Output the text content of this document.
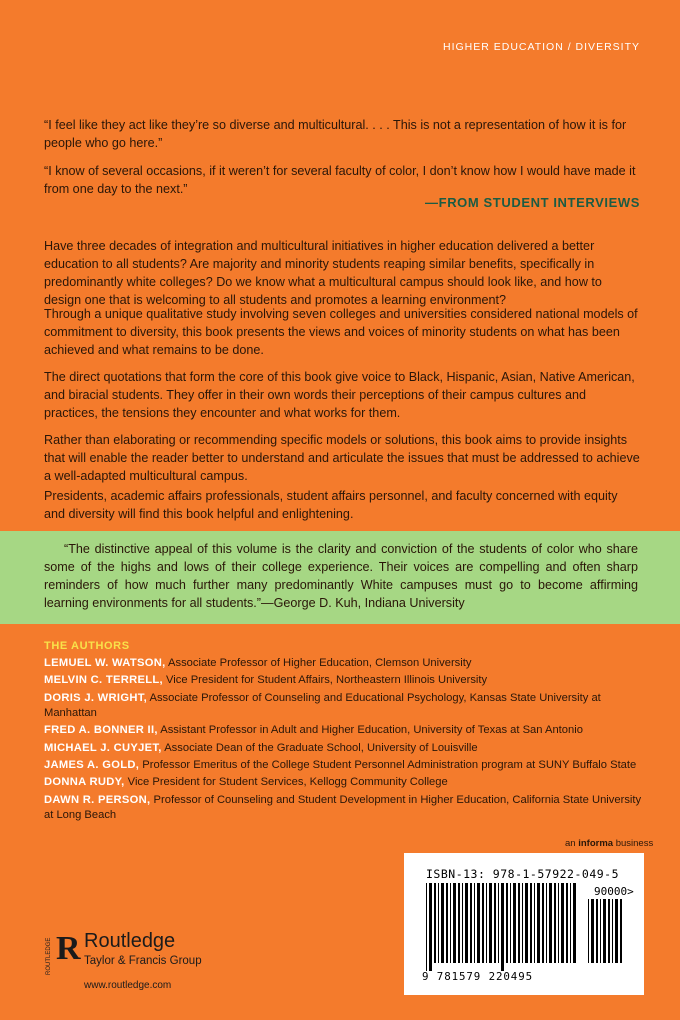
HIGHER EDUCATION / DIVERSITY
“I feel like they act like they’re so diverse and multicultural. . . . This is not a representation of how it is for people who go here.”
“I know of several occasions, if it weren’t for several faculty of color, I don’t know how I would have made it from one day to the next.”
—FROM STUDENT INTERVIEWS
Have three decades of integration and multicultural initiatives in higher education delivered a better education to all students? Are majority and minority students reaping similar benefits, specifically in predominantly white colleges? Do we know what a multicultural campus should look like, and how to design one that is welcoming to all students and promotes a learning environment?
Through a unique qualitative study involving seven colleges and universities considered national models of commitment to diversity, this book presents the views and voices of minority students on what has been achieved and what remains to be done.
The direct quotations that form the core of this book give voice to Black, Hispanic, Asian, Native American, and biracial students. They offer in their own words their perceptions of their campus cultures and practices, the tensions they encounter and what works for them.
Rather than elaborating or recommending specific models or solutions, this book aims to provide insights that will enable the reader better to understand and articulate the issues that must be addressed to achieve a well-adapted multicultural campus.
Presidents, academic affairs professionals, student affairs personnel, and faculty concerned with equity and diversity will find this book helpful and enlightening.
“The distinctive appeal of this volume is the clarity and conviction of the students of color who share some of the highs and lows of their college experience. Their voices are compelling and often sharp reminders of how much further many predominantly White campuses must go to become affirming learning environments for all students.”—George D. Kuh, Indiana University
THE AUTHORS

LEMUEL W. WATSON, Associate Professor of Higher Education, Clemson University

MELVIN C. TERRELL, Vice President for Student Affairs, Northeastern Illinois University

DORIS J. WRIGHT, Associate Professor of Counseling and Educational Psychology, Kansas State University at Manhattan

FRED A. BONNER II, Assistant Professor in Adult and Higher Education, University of Texas at San Antonio

MICHAEL J. CUYJET, Associate Dean of the Graduate School, University of Louisville

JAMES A. GOLD, Professor Emeritus of the College Student Personnel Administration program at SUNY Buffalo State

DONNA RUDY, Vice President for Student Services, Kellogg Community College

DAWN R. PERSON, Professor of Counseling and Student Development in Higher Education, California State University at Long Beach

an informa business
ISBN-13: 978-1-57922-049-5
90000>
9 781579 220495
R
ROUTLEDGE Routledge
Taylor & Francis Group
www.routledge.com
